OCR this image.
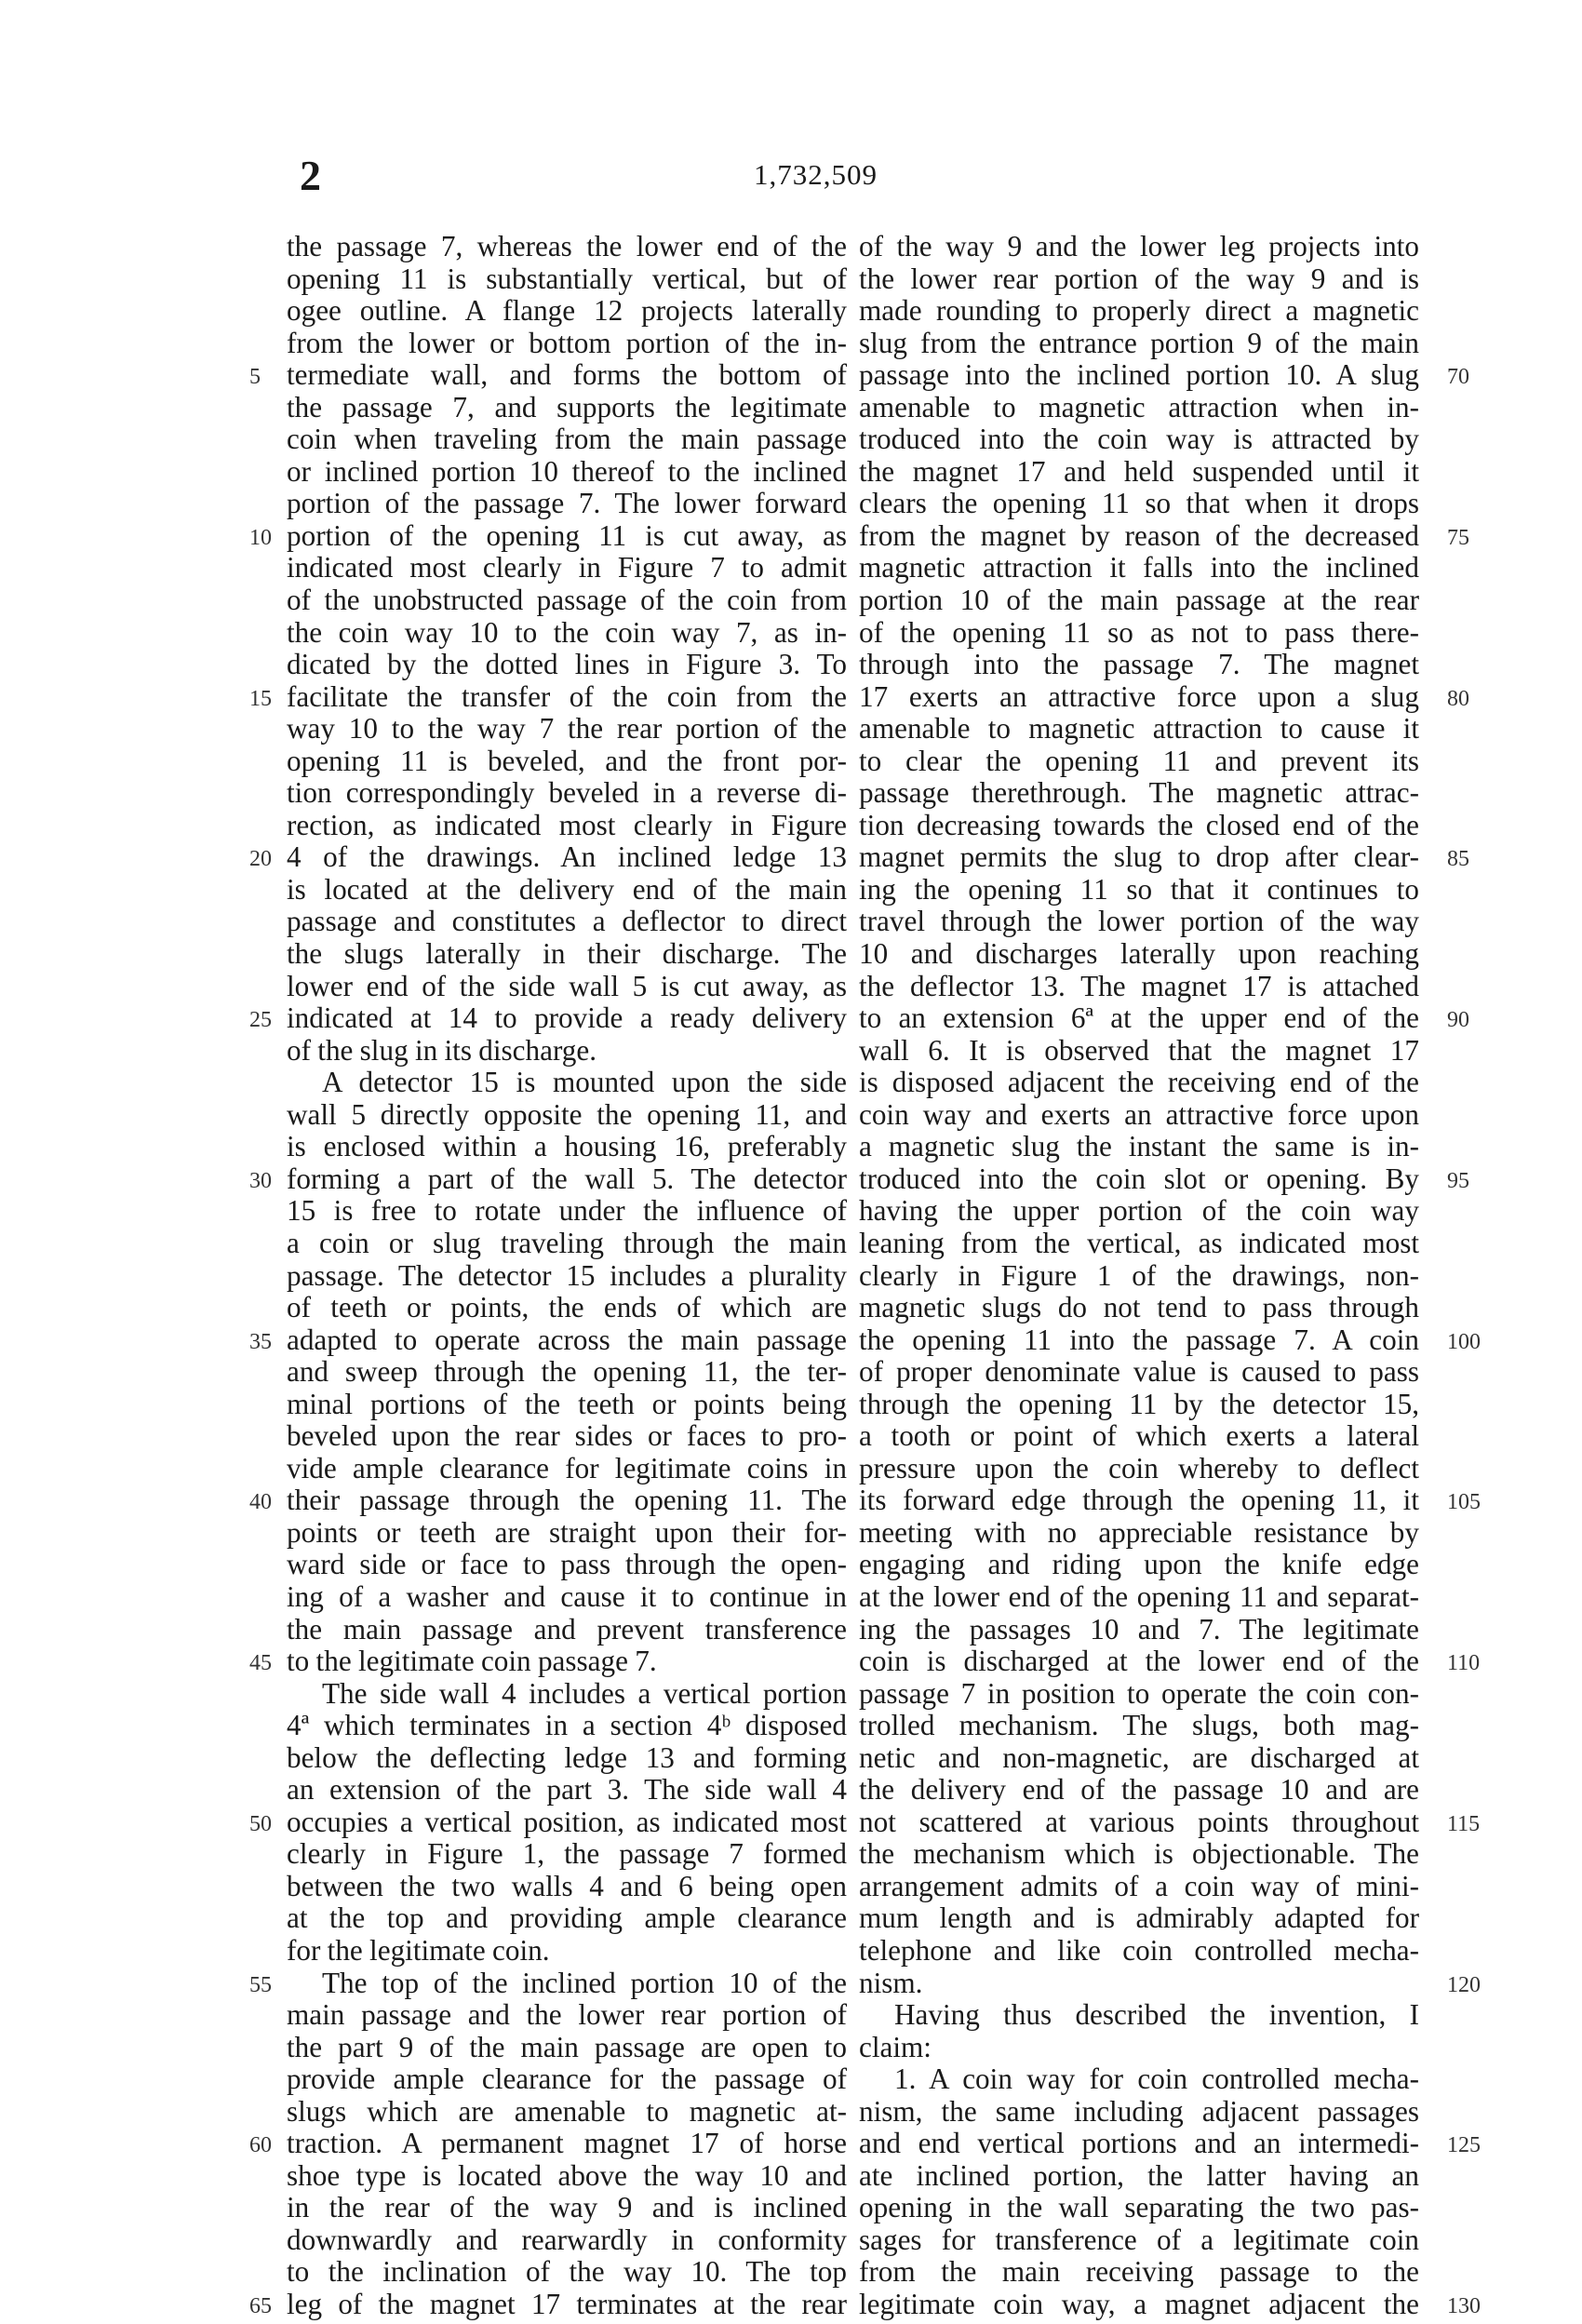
2	1,732,509
5
10
15
20
25
30
35
40
45
50
55
60
65
70
75
80
85
90
95
100
105
110
115
120
125
130
the passage 7, whereas the lower end of the
opening 11 is substantially vertical, but of
ogee outline. A flange 12 projects laterally
from the lower or bottom portion of the in-
termediate wall, and forms the bottom of
the passage 7, and supports the legitimate
coin when traveling from the main passage
or inclined portion 10 thereof to the inclined
portion of the passage 7. The lower forward
portion of the opening 11 is cut away, as
indicated most clearly in Figure 7 to admit
of the unobstructed passage of the coin from
the coin way 10 to the coin way 7, as in-
dicated by the dotted lines in Figure 3. To
facilitate the transfer of the coin from the
way 10 to the way 7 the rear portion of the
opening 11 is beveled, and the front por-
tion correspondingly beveled in a reverse di-
rection, as indicated most clearly in Figure
4 of the drawings. An inclined ledge 13
is located at the delivery end of the main
passage and constitutes a deflector to direct
the slugs laterally in their discharge. The
lower end of the side wall 5 is cut away, as
indicated at 14 to provide a ready delivery
of the slug in its discharge.
A detector 15 is mounted upon the side
wall 5 directly opposite the opening 11, and
is enclosed within a housing 16, preferably
forming a part of the wall 5. The detector
15 is free to rotate under the influence of
a coin or slug traveling through the main
passage. The detector 15 includes a plurality
of teeth or points, the ends of which are
adapted to operate across the main passage
and sweep through the opening 11, the ter-
minal portions of the teeth or points being
beveled upon the rear sides or faces to pro-
vide ample clearance for legitimate coins in
their passage through the opening 11. The
points or teeth are straight upon their for-
ward side or face to pass through the open-
ing of a washer and cause it to continue in
the main passage and prevent transference
to the legitimate coin passage 7.
The side wall 4 includes a vertical portion
4ª which terminates in a section 4ᵇ disposed
below the deflecting ledge 13 and forming
an extension of the part 3. The side wall 4
occupies a vertical position, as indicated most
clearly in Figure 1, the passage 7 formed
between the two walls 4 and 6 being open
at the top and providing ample clearance
for the legitimate coin.
The top of the inclined portion 10 of the
main passage and the lower rear portion of
the part 9 of the main passage are open to
provide ample clearance for the passage of
slugs which are amenable to magnetic at-
traction. A permanent magnet 17 of horse
shoe type is located above the way 10 and
in the rear of the way 9 and is inclined
downwardly and rearwardly in conformity
to the inclination of the way 10. The top
leg of the magnet 17 terminates at the rear
of the way 9 and the lower leg projects into
the lower rear portion of the way 9 and is
made rounding to properly direct a magnetic
slug from the entrance portion 9 of the main
passage into the inclined portion 10. A slug
amenable to magnetic attraction when in-
troduced into the coin way is attracted by
the magnet 17 and held suspended until it
clears the opening 11 so that when it drops
from the magnet by reason of the decreased
magnetic attraction it falls into the inclined
portion 10 of the main passage at the rear
of the opening 11 so as not to pass there-
through into the passage 7. The magnet
17 exerts an attractive force upon a slug
amenable to magnetic attraction to cause it
to clear the opening 11 and prevent its
passage therethrough. The magnetic attrac-
tion decreasing towards the closed end of the
magnet permits the slug to drop after clear-
ing the opening 11 so that it continues to
travel through the lower portion of the way
10 and discharges laterally upon reaching
the deflector 13. The magnet 17 is attached
to an extension 6ª at the upper end of the
wall 6. It is observed that the magnet 17
is disposed adjacent the receiving end of the
coin way and exerts an attractive force upon
a magnetic slug the instant the same is in-
troduced into the coin slot or opening. By
having the upper portion of the coin way
leaning from the vertical, as indicated most
clearly in Figure 1 of the drawings, non-
magnetic slugs do not tend to pass through
the opening 11 into the passage 7. A coin
of proper denominate value is caused to pass
through the opening 11 by the detector 15,
a tooth or point of which exerts a lateral
pressure upon the coin whereby to deflect
its forward edge through the opening 11, it
meeting with no appreciable resistance by
engaging and riding upon the knife edge
at the lower end of the opening 11 and separat-
ing the passages 10 and 7. The legitimate
coin is discharged at the lower end of the
passage 7 in position to operate the coin con-
trolled mechanism. The slugs, both mag-
netic and non-magnetic, are discharged at
the delivery end of the passage 10 and are
not scattered at various points throughout
the mechanism which is objectionable. The
arrangement admits of a coin way of mini-
mum length and is admirably adapted for
telephone and like coin controlled mecha-
nism.
Having thus described the invention, I
claim:
1. A coin way for coin controlled mecha-
nism, the same including adjacent passages
and end vertical portions and an intermedi-
ate inclined portion, the latter having an
opening in the wall separating the two pas-
sages for transference of a legitimate coin
from the main receiving passage to the
legitimate coin way, a magnet adjacent the
